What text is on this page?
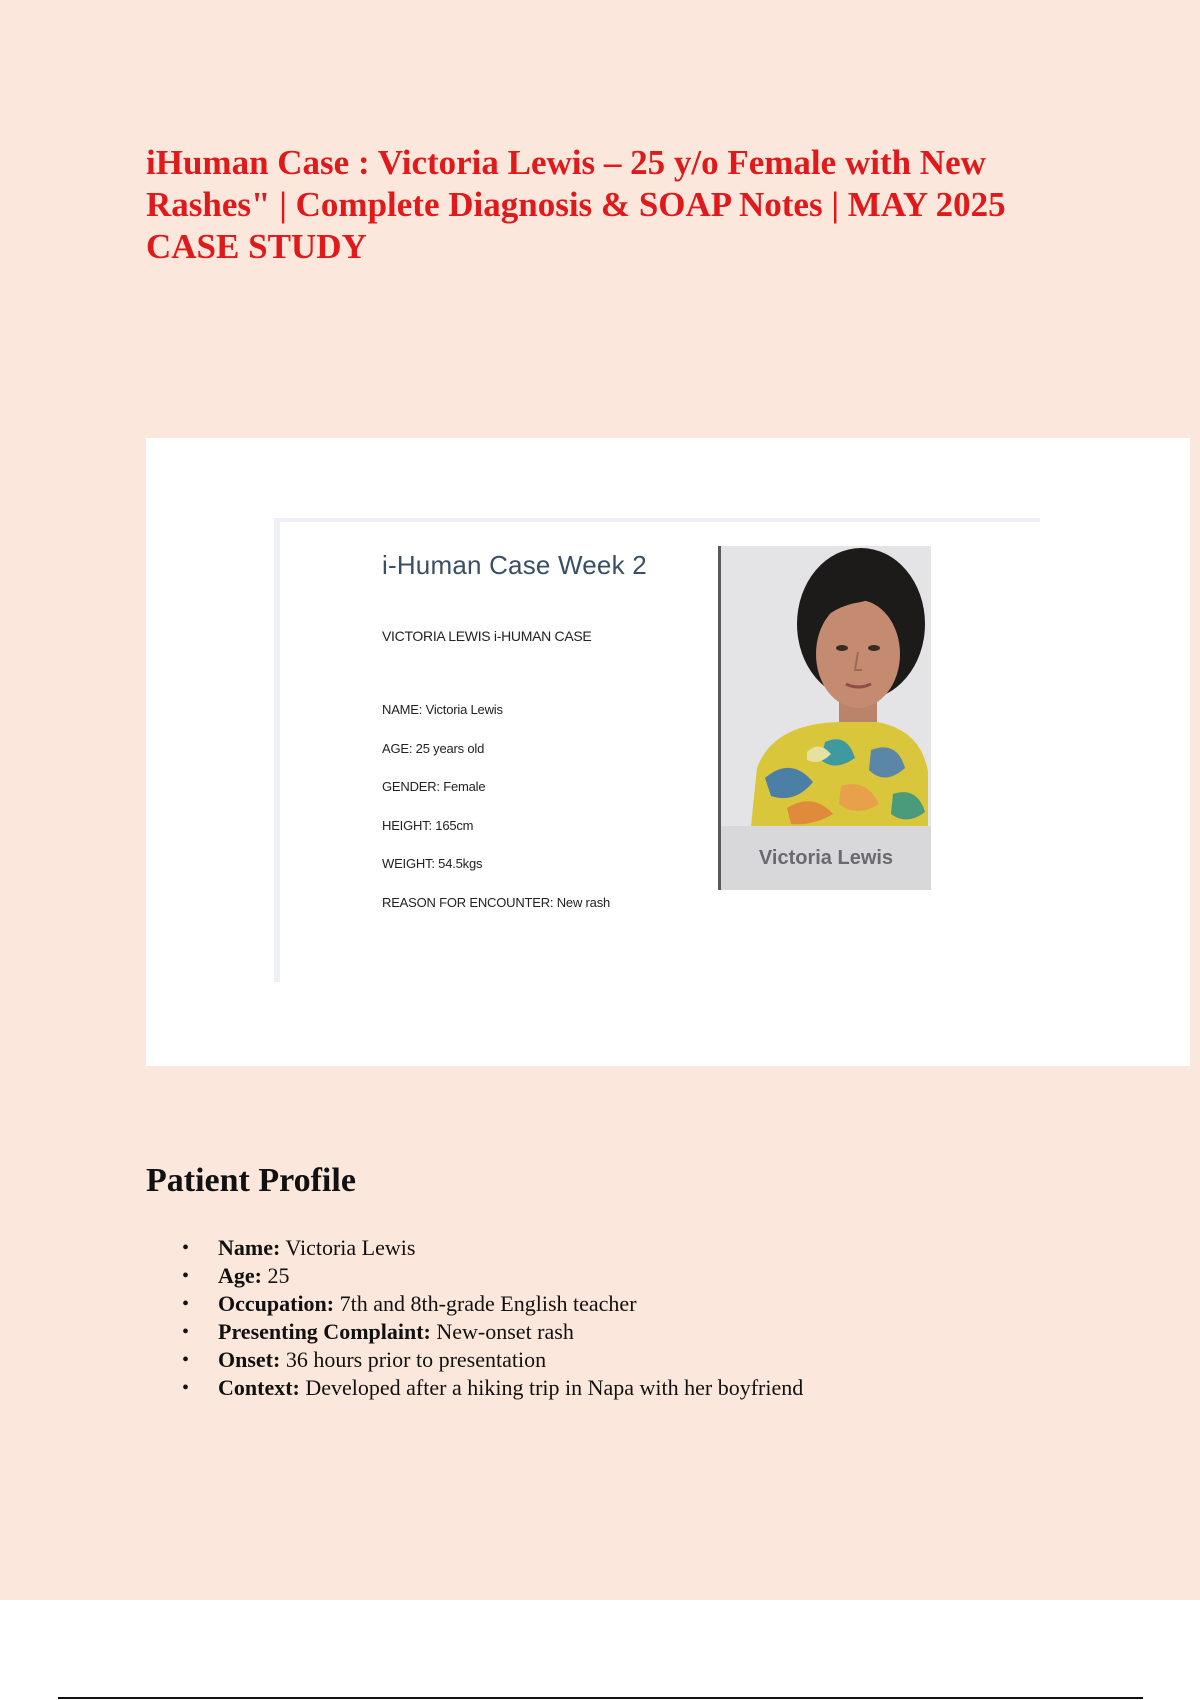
iHuman Case : Victoria Lewis – 25 y/o Female with New Rashes" | Complete Diagnosis & SOAP Notes | MAY 2025 CASE STUDY
i-Human Case Week 2
VICTORIA LEWIS i-HUMAN CASE
NAME: Victoria Lewis
AGE: 25 years old
GENDER: Female
HEIGHT: 165cm
WEIGHT: 54.5kgs
REASON FOR ENCOUNTER: New rash
Victoria Lewis
Patient Profile
• Name: Victoria Lewis
• Age: 25
• Occupation: 7th and 8th-grade English teacher
• Presenting Complaint: New-onset rash
• Onset: 36 hours prior to presentation
• Context: Developed after a hiking trip in Napa with her boyfriend
